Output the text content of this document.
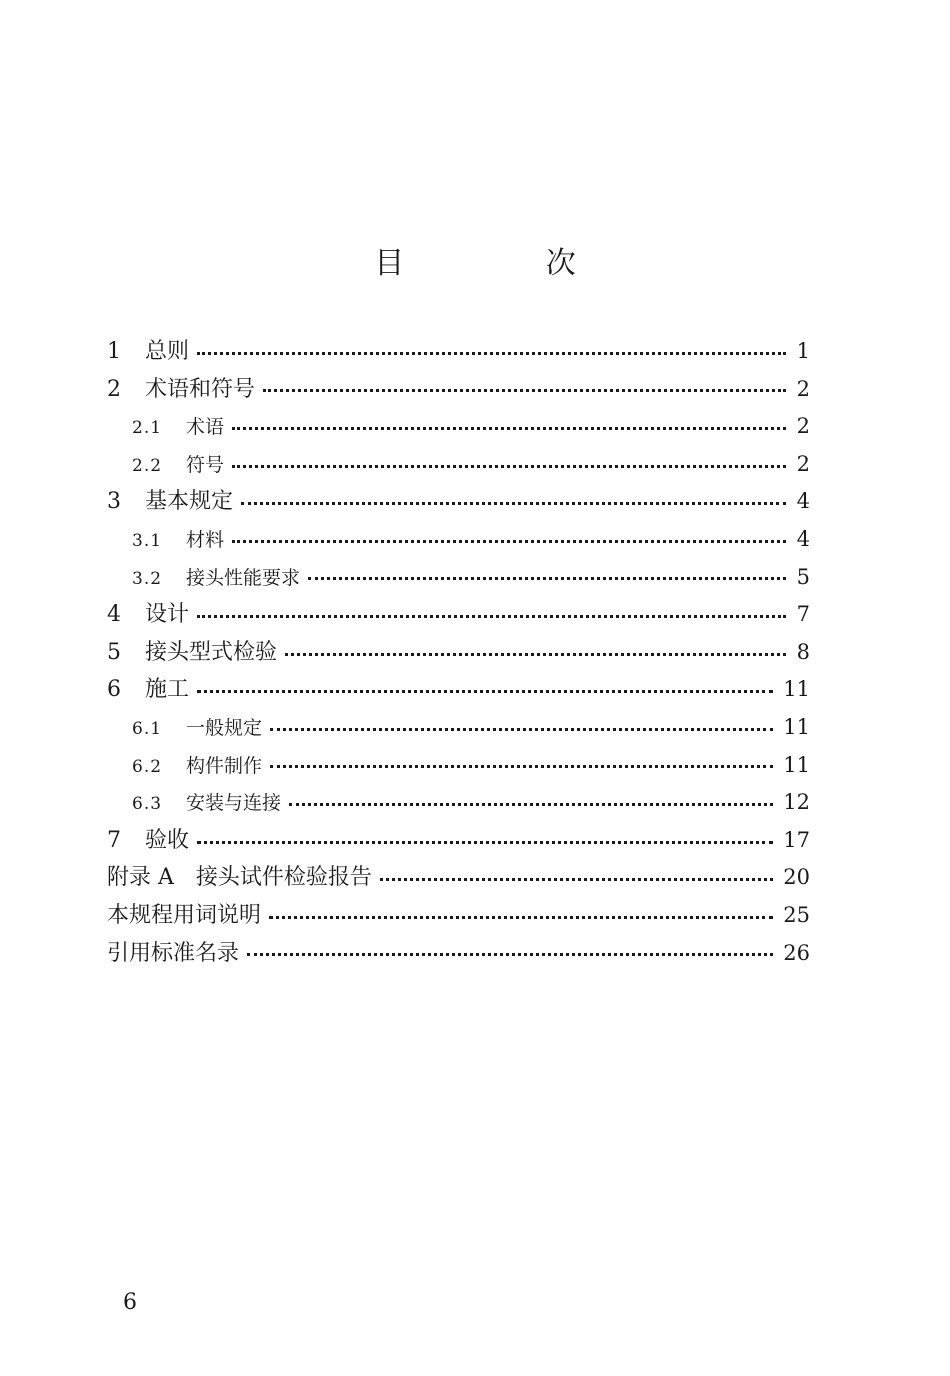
目 次
1	总则	1
2	术语和符号	2
2.1	术语	2
2.2	符号	2
3	基本规定	4
3.1	材料	4
3.2	接头性能要求	5
4	设计	7
5	接头型式检验	8
6	施工	11
6.1	一般规定	11
6.2	构件制作	11
6.3	安装与连接	12
7	验收	17
附录 A　接头试件检验报告	20
本规程用词说明	25
引用标准名录	26
6
